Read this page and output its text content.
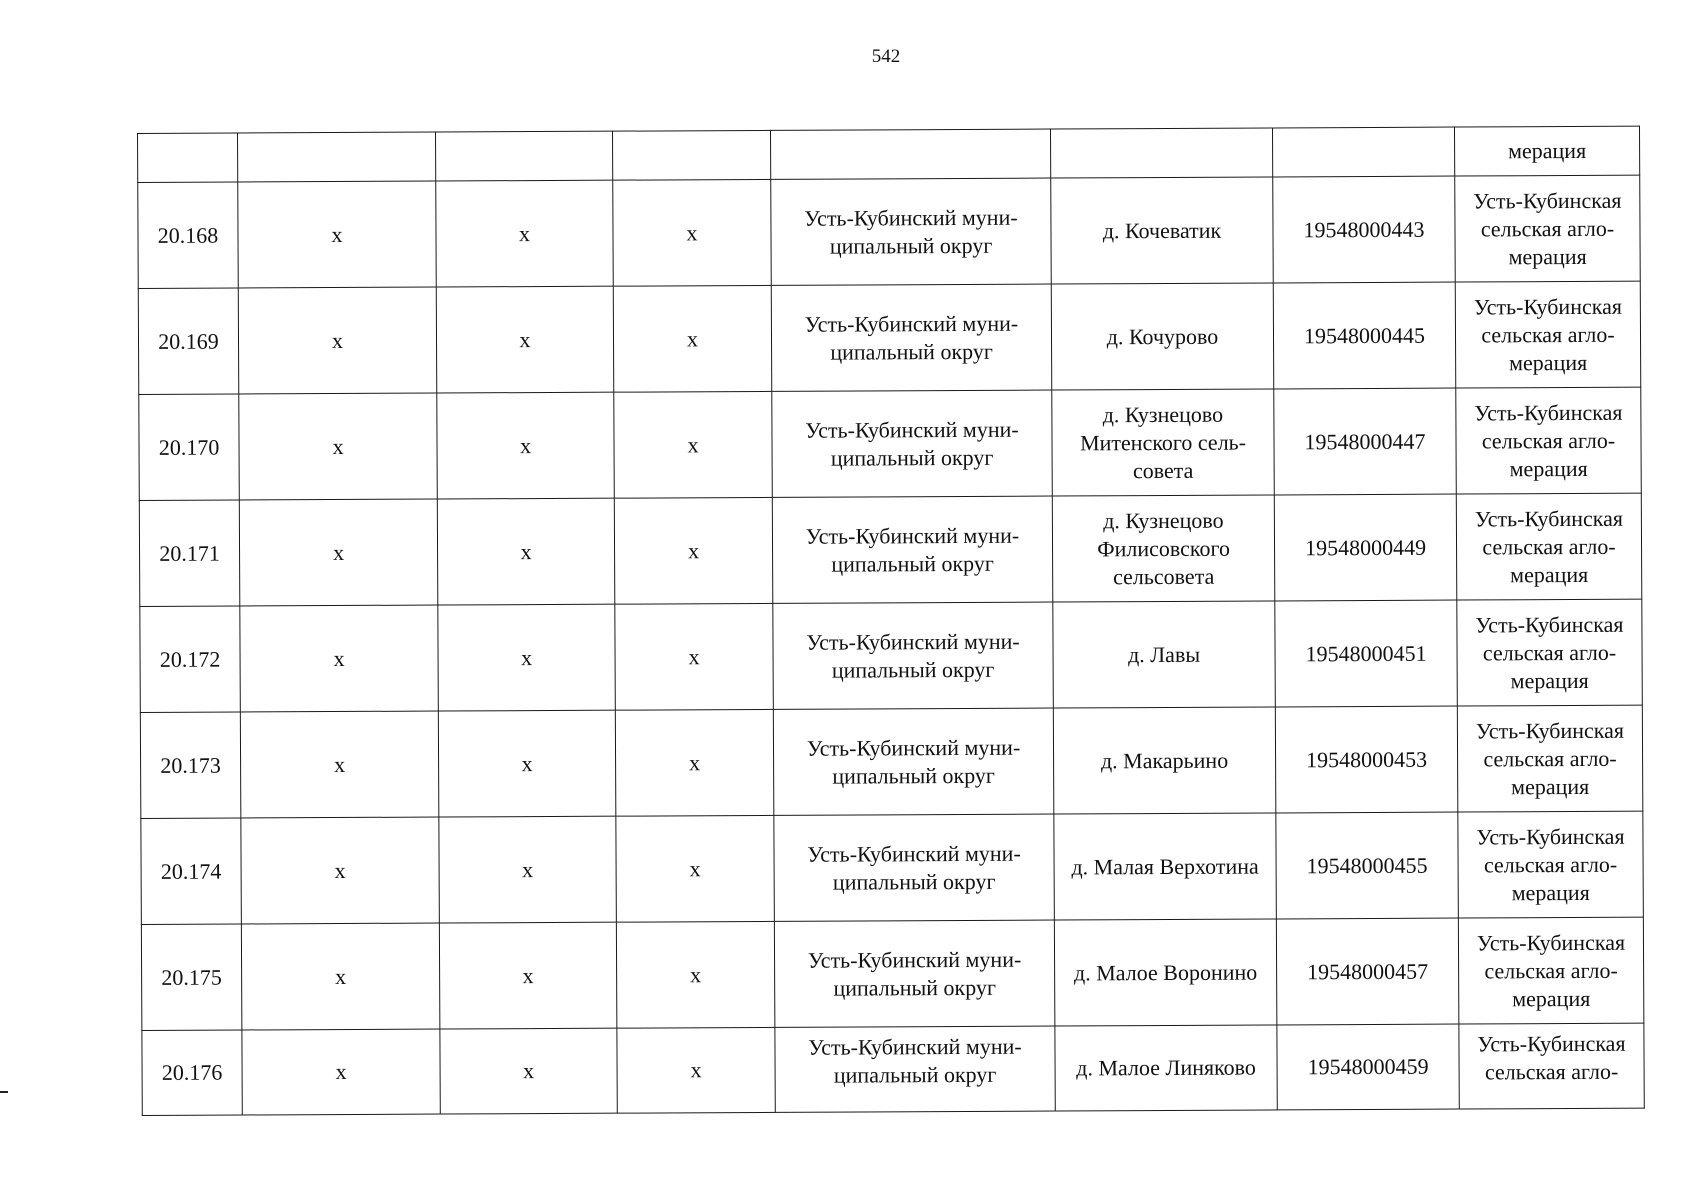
542
							мерация
20.168	х	х	х	Усть-Кубинский муни-ципальный округ	д. Кочеватик	19548000443	Усть-Кубинская сельская агло-мерация
20.169	х	х	х	Усть-Кубинский муни-ципальный округ	д. Кочурово	19548000445	Усть-Кубинская сельская агло-мерация
20.170	х	х	х	Усть-Кубинский муни-ципальный округ	д. Кузнецово Митенского сель-совета	19548000447	Усть-Кубинская сельская агло-мерация
20.171	х	х	х	Усть-Кубинский муни-ципальный округ	д. Кузнецово Филисовского сельсовета	19548000449	Усть-Кубинская сельская агло-мерация
20.172	х	х	х	Усть-Кубинский муни-ципальный округ	д. Лавы	19548000451	Усть-Кубинская сельская агло-мерация
20.173	х	х	х	Усть-Кубинский муни-ципальный округ	д. Макарьино	19548000453	Усть-Кубинская сельская агло-мерация
20.174	х	х	х	Усть-Кубинский муни-ципальный округ	д. Малая Верхотина	19548000455	Усть-Кубинская сельская агло-мерация
20.175	х	х	х	Усть-Кубинский муни-ципальный округ	д. Малое Воронино	19548000457	Усть-Кубинская сельская агло-мерация
20.176	х	х	х	Усть-Кубинский муни-ципальный округ	д. Малое Линяково	19548000459	Усть-Кубинская сельская агло-
